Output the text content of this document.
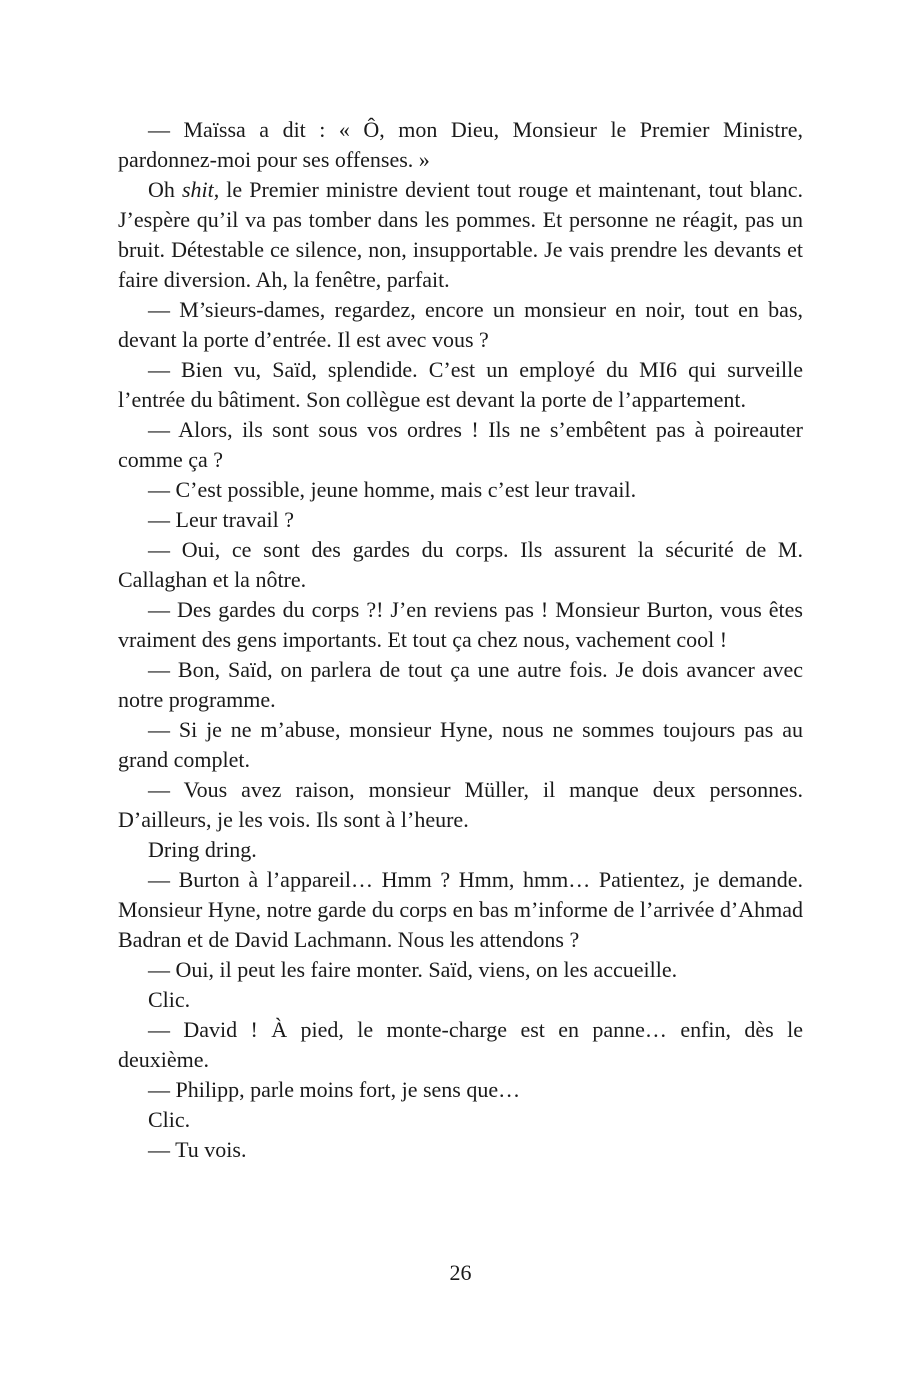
— Maïssa a dit : « Ô, mon Dieu, Monsieur le Premier Ministre, pardonnez-moi pour ses offenses. »

Oh shit, le Premier ministre devient tout rouge et maintenant, tout blanc. J’espère qu’il va pas tomber dans les pommes. Et personne ne réagit, pas un bruit. Détestable ce silence, non, insupportable. Je vais prendre les devants et faire diversion. Ah, la fenêtre, parfait.

— M’sieurs-dames, regardez, encore un monsieur en noir, tout en bas, devant la porte d’entrée. Il est avec vous ?

— Bien vu, Saïd, splendide. C’est un employé du MI6 qui surveille l’entrée du bâtiment. Son collègue est devant la porte de l’appartement.

— Alors, ils sont sous vos ordres ! Ils ne s’embêtent pas à poireauter comme ça ?

— C’est possible, jeune homme, mais c’est leur travail.

— Leur travail ?

— Oui, ce sont des gardes du corps. Ils assurent la sécurité de M. Callaghan et la nôtre.

— Des gardes du corps ?! J’en reviens pas ! Monsieur Burton, vous êtes vraiment des gens importants. Et tout ça chez nous, vachement cool !

— Bon, Saïd, on parlera de tout ça une autre fois. Je dois avancer avec notre programme.

— Si je ne m’abuse, monsieur Hyne, nous ne sommes toujours pas au grand complet.

— Vous avez raison, monsieur Müller, il manque deux personnes. D’ailleurs, je les vois. Ils sont à l’heure.

Dring dring.

— Burton à l’appareil… Hmm ? Hmm, hmm… Patientez, je demande. Monsieur Hyne, notre garde du corps en bas m’informe de l’arrivée d’Ahmad Badran et de David Lachmann. Nous les attendons ?

— Oui, il peut les faire monter. Saïd, viens, on les accueille.

Clic.

— David ! À pied, le monte-charge est en panne… enfin, dès le deuxième.

— Philipp, parle moins fort, je sens que…

Clic.

— Tu vois.

26
